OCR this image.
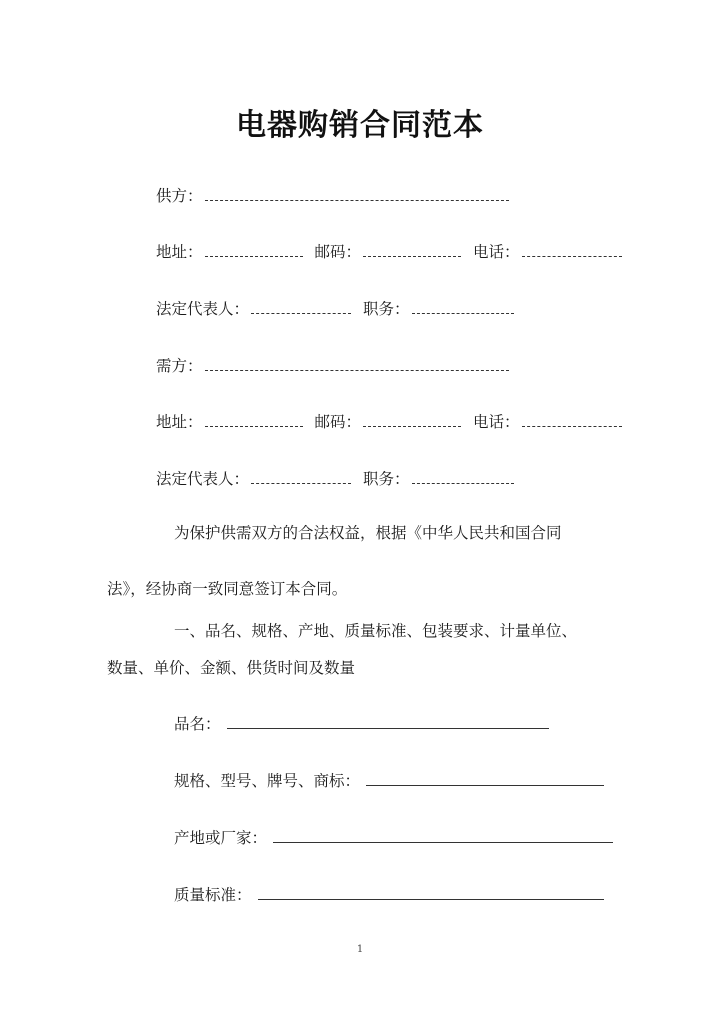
电器购销合同范本
供方：
地址：	邮码：	电话：
法定代表人：	职务：
需方：
地址：	邮码：	电话：
法定代表人：	职务：
为保护供需双方的合法权益，根据《中华人民共和国合同
法》，经协商一致同意签订本合同。
一、品名、规格、产地、质量标准、包装要求、计量单位、
数量、单价、金额、供货时间及数量
品名：
规格、型号、牌号、商标：
产地或厂家：
质量标准：
1
